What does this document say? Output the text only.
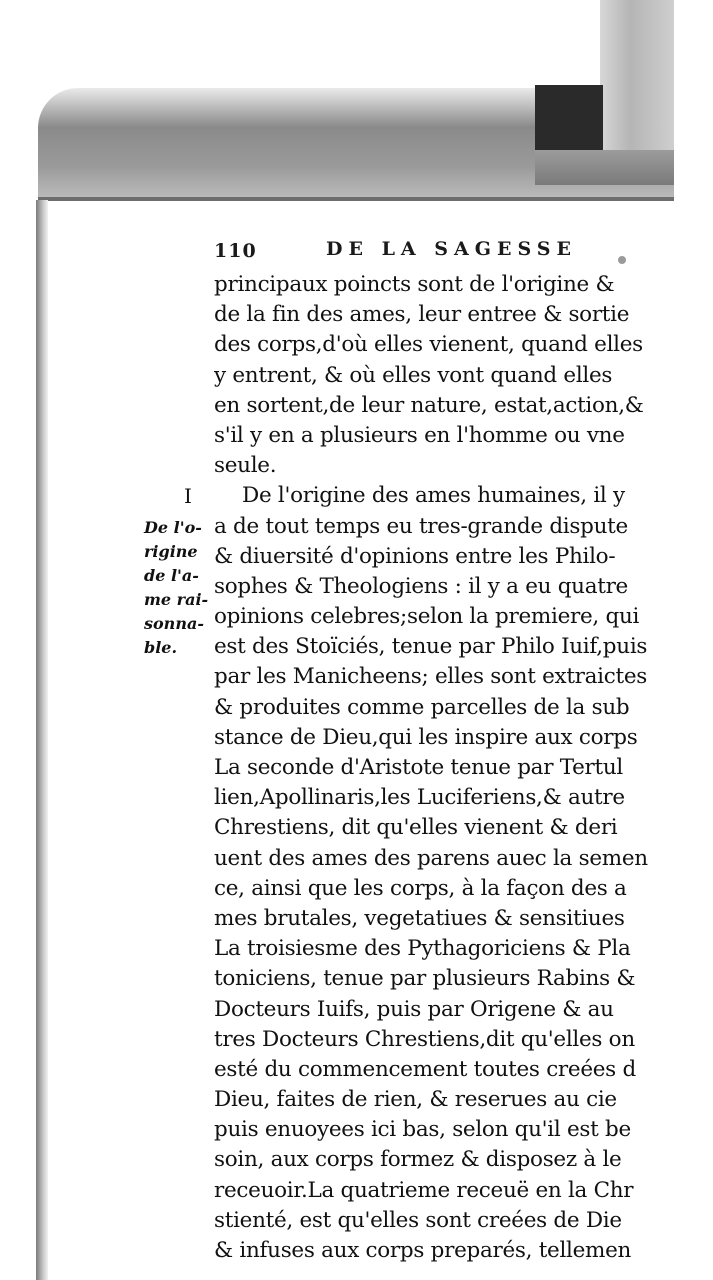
110	DE LA SAGESSE
I
De l'o-
rigine
de l'a-
me rai-
sonna-
ble.
principaux poincts sont de l'origine &
de la fin des ames, leur entree & sortie
des corps,d'où elles vienent, quand elles
y entrent, & où elles vont quand elles
en sortent,de leur nature, estat,action,&
s'il y en a plusieurs en l'homme ou vne
seule.
De l'origine des ames humaines, il y
a de tout temps eu tres-grande dispute
& diuersité d'opinions entre les Philo-
sophes & Theologiens : il y a eu quatre
opinions celebres;selon la premiere, qui
est des Stoïciés, tenue par Philo Iuif,puis
par les Manicheens; elles sont extraictes
& produites comme parcelles de la sub
stance de Dieu,qui les inspire aux corps
La seconde d'Aristote tenue par Tertul
lien,Apollinaris,les Luciferiens,& autre
Chrestiens, dit qu'elles vienent & deri
uent des ames des parens auec la semen
ce, ainsi que les corps, à la façon des a
mes brutales, vegetatiues & sensitiues
La troisiesme des Pythagoriciens & Pla
toniciens, tenue par plusieurs Rabins &
Docteurs Iuifs, puis par Origene & au
tres Docteurs Chrestiens,dit qu'elles on
esté du commencement toutes creées d
Dieu, faites de rien, & reserues au cie
puis enuoyees ici bas, selon qu'il est be
soin, aux corps formez & disposez à le
receuoir.La quatrieme receuë en la Chr
stienté, est qu'elles sont creées de Die
& infuses aux corps preparés, tellemen
